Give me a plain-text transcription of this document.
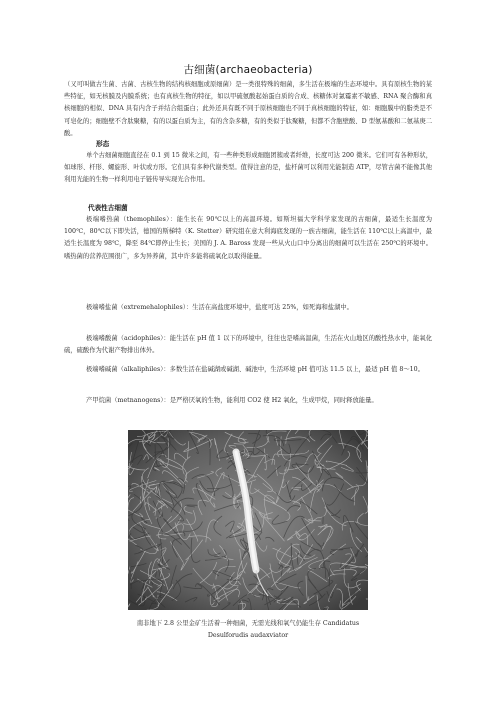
古细菌(archaeobacteria)
（又可叫做古生菌、古菌、古核生物的结构核细胞或原细菌）是一类很特殊的细菌，多生活在极端的生态环境中。具有原核生物的某些特征，如无核膜及内膜系统；也有真核生物的特征，如以甲硫氨酸起始蛋白质的合成、核糖体对氯霉素不敏感、RNA 聚合酶和真核细胞的相似、DNA 具有内含子并结合组蛋白；此外还具有既不同于原核细胞也不同于真核细胞的特征，如：细胞膜中的脂类是不可皂化的；细胞壁不含肽聚糖，有的以蛋白质为主，有的含杂多糖，有的类似于肽聚糖，但都不含胞壁酸、D 型氨基酸和二氨基庚二酸。
形态
单个古细菌细胞直径在 0.1 到 15 微米之间，有一些种类形成细胞团簇或者纤维，长度可达 200 微米。它们可有各种形状，如球形、杆形、螺旋形、叶状或方形。它们具有多种代谢类型。值得注意的是，盐杆菌可以利用光能制造 ATP，尽管古菌不能像其他利用光能的生物一样利用电子链传导实现光合作用。
代表性古细菌
极端嗜热菌（themophiles）：能生长在 90℃以上的高温环境。如斯坦福大学科学家发现的古细菌，最适生长温度为 100℃，80℃以下即失活，德国的斯梯特（K. Stetter）研究组在意大利海底发现的一族古细菌，能生活在 110℃以上高温中，最适生长温度为 98℃，降至 84℃即停止生长；美国的 J. A. Baross 发现一些从火山口中分离出的细菌可以生活在 250℃的环境中。嗜热菌的营养范围很广，多为异养菌，其中许多能将硫氧化以取得能量。
极端嗜盐菌（extremehalophiles）：生活在高盐度环境中，盐度可达 25%，如死海和盐湖中。
极端嗜酸菌（acidophiles）：能生活在 pH 值 1 以下的环境中，往往也是嗜高温菌，生活在火山地区的酸性热水中，能氧化硫，硫酸作为代谢产物排出体外。
极端嗜碱菌（alkaliphiles）：多数生活在盐碱湖或碱湖、碱池中，生活环境 pH 值可达 11.5 以上，最适 pH 值 8～10。
产甲烷菌（metnanogens）：是严格厌氧的生物，能利用 CO2 使 H2 氧化，生成甲烷，同时释放能量。
南非地下 2.8 公里金矿生活着一种细菌，无需光线和氧气仍能生存 Candidatus
Desulforudis audaxviator
